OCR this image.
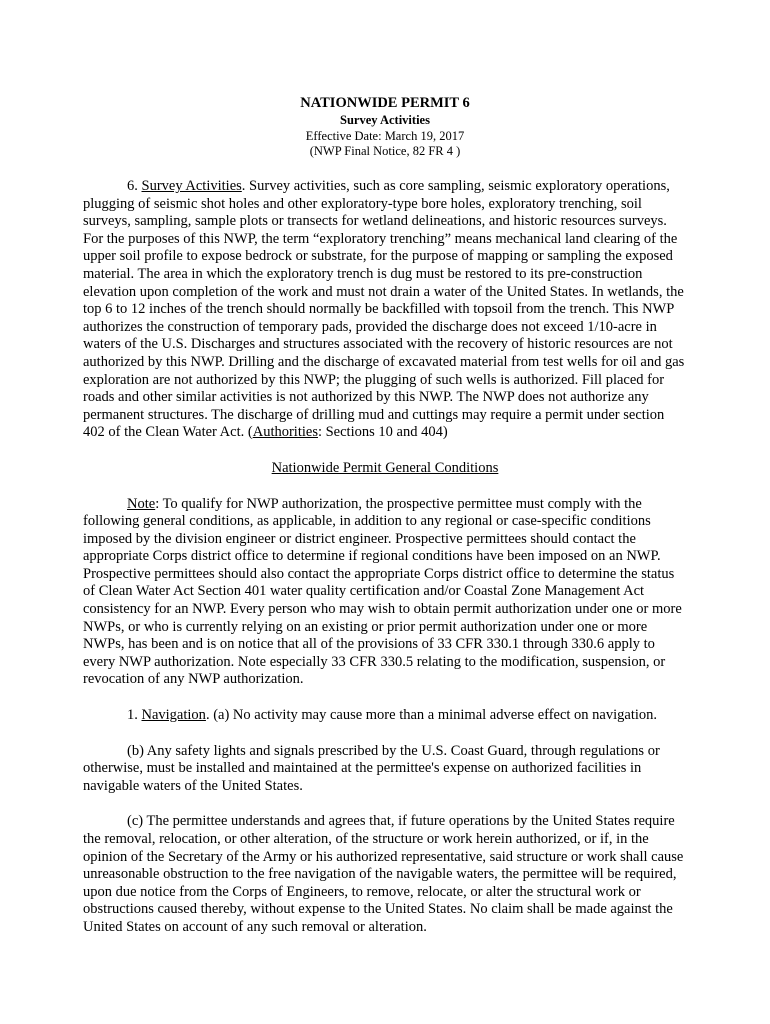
NATIONWIDE PERMIT 6

Survey Activities

Effective Date: March 19, 2017

(NWP Final Notice, 82 FR 4 )

6. Survey Activities. Survey activities, such as core sampling, seismic exploratory operations, plugging of seismic shot holes and other exploratory-type bore holes, exploratory trenching, soil surveys, sampling, sample plots or transects for wetland delineations, and historic resources surveys. For the purposes of this NWP, the term “exploratory trenching” means mechanical land clearing of the upper soil profile to expose bedrock or substrate, for the purpose of mapping or sampling the exposed material. The area in which the exploratory trench is dug must be restored to its pre-construction elevation upon completion of the work and must not drain a water of the United States. In wetlands, the top 6 to 12 inches of the trench should normally be backfilled with topsoil from the trench. This NWP authorizes the construction of temporary pads, provided the discharge does not exceed 1/10-acre in waters of the U.S. Discharges and structures associated with the recovery of historic resources are not authorized by this NWP. Drilling and the discharge of excavated material from test wells for oil and gas exploration are not authorized by this NWP; the plugging of such wells is authorized. Fill placed for roads and other similar activities is not authorized by this NWP. The NWP does not authorize any permanent structures. The discharge of drilling mud and cuttings may require a permit under section 402 of the Clean Water Act. (Authorities: Sections 10 and 404)

Nationwide Permit General Conditions

Note: To qualify for NWP authorization, the prospective permittee must comply with the following general conditions, as applicable, in addition to any regional or case-specific conditions imposed by the division engineer or district engineer. Prospective permittees should contact the appropriate Corps district office to determine if regional conditions have been imposed on an NWP. Prospective permittees should also contact the appropriate Corps district office to determine the status of Clean Water Act Section 401 water quality certification and/or Coastal Zone Management Act consistency for an NWP. Every person who may wish to obtain permit authorization under one or more NWPs, or who is currently relying on an existing or prior permit authorization under one or more NWPs, has been and is on notice that all of the provisions of 33 CFR 330.1 through 330.6 apply to every NWP authorization. Note especially 33 CFR 330.5 relating to the modification, suspension, or revocation of any NWP authorization.

1. Navigation. (a) No activity may cause more than a minimal adverse effect on navigation.

(b) Any safety lights and signals prescribed by the U.S. Coast Guard, through regulations or otherwise, must be installed and maintained at the permittee's expense on authorized facilities in navigable waters of the United States.

(c) The permittee understands and agrees that, if future operations by the United States require the removal, relocation, or other alteration, of the structure or work herein authorized, or if, in the opinion of the Secretary of the Army or his authorized representative, said structure or work shall cause unreasonable obstruction to the free navigation of the navigable waters, the permittee will be required, upon due notice from the Corps of Engineers, to remove, relocate, or alter the structural work or obstructions caused thereby, without expense to the United States. No claim shall be made against the United States on account of any such removal or alteration.
